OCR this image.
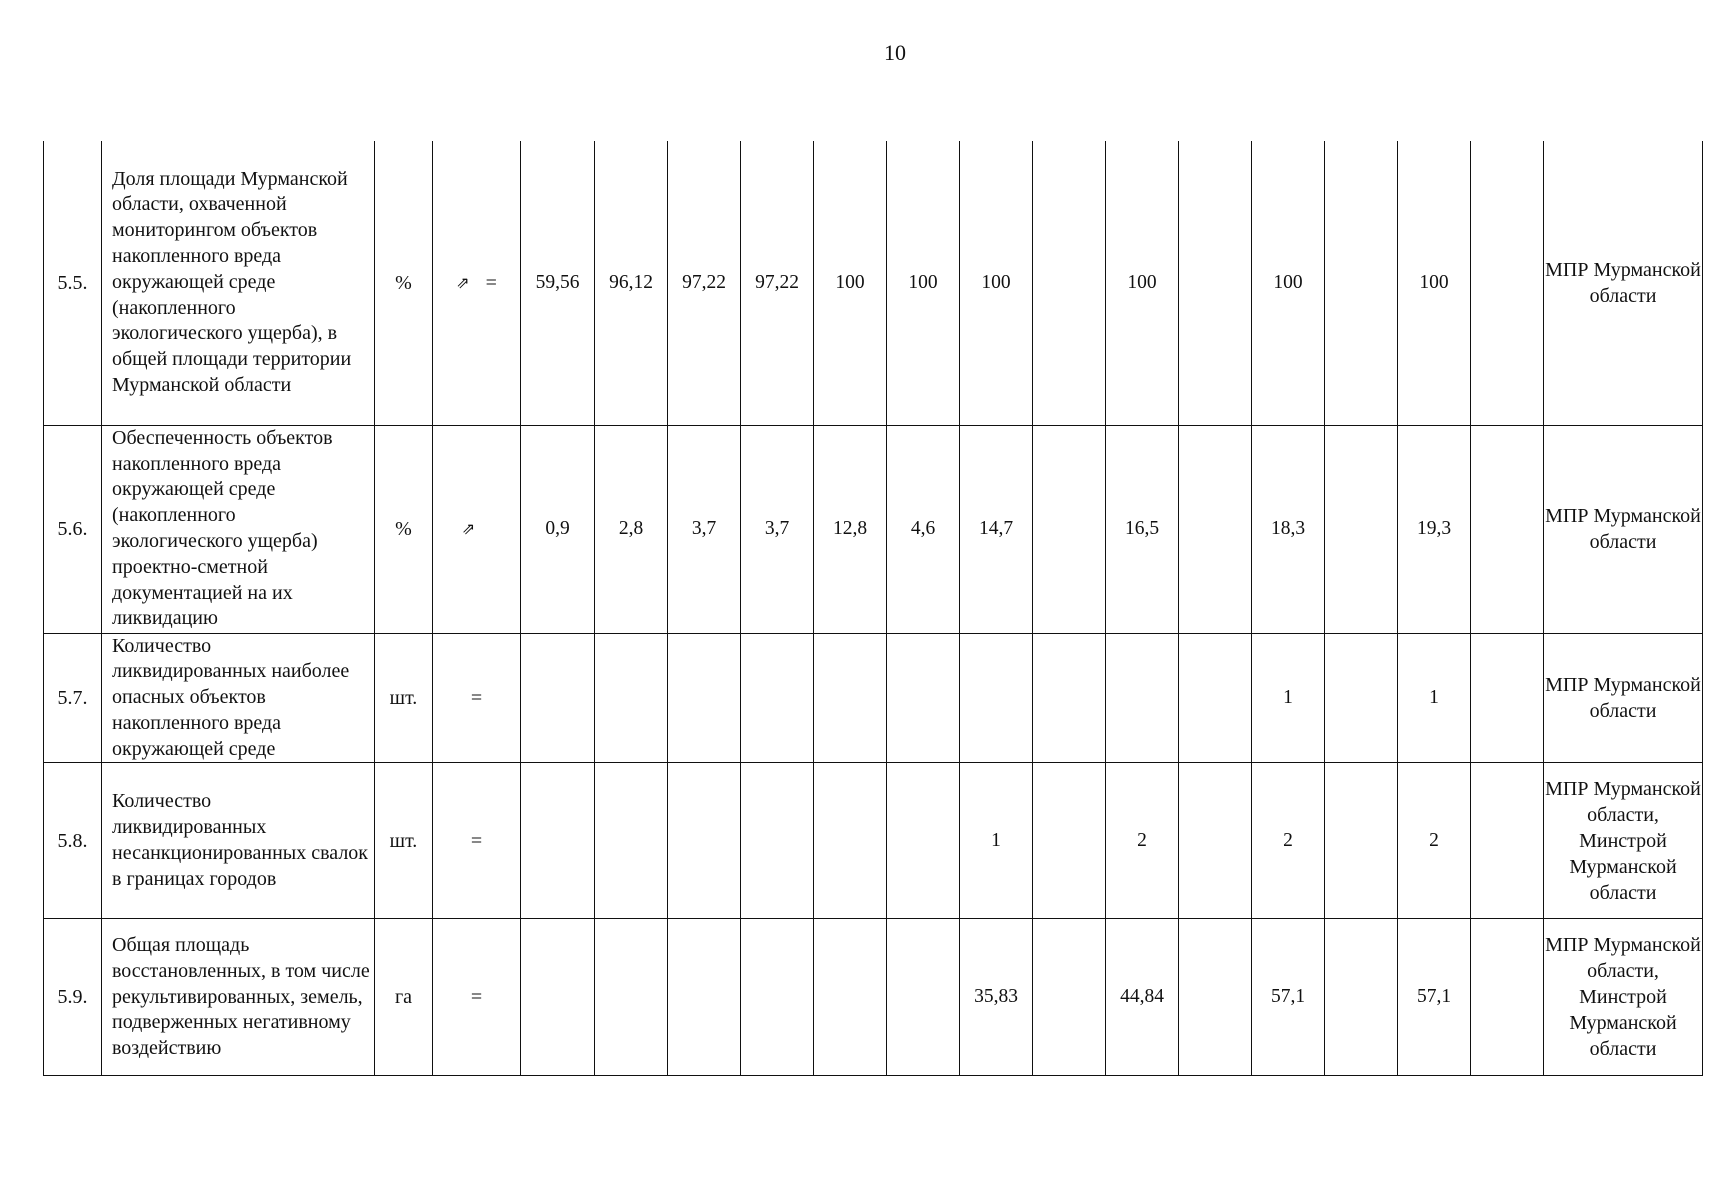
10
5.5.	Доля площади Мурманской области, охваченной мониторингом объектов накопленного вреда окружающей среде (накопленного экологического ущерба), в общей площади территории Мурманской области	%	⇗ =	59,56	96,12	97,22	97,22	100	100	100		100		100		100		МПР Мурманской области
5.6.	Обеспеченность объектов накопленного вреда окружающей среде (накопленного экологического ущерба) проектно-сметной документацией на их ликвидацию	%	⇗	0,9	2,8	3,7	3,7	12,8	4,6	14,7		16,5		18,3		19,3		МПР Мурманской области
5.7.	Количество ликвидированных наиболее опасных объектов накопленного вреда окружающей среде	шт.	=											1		1		МПР Мурманской области
5.8.	Количество ликвидированных несанкционированных свалок в границах городов	шт.	=							1		2		2		2		МПР Мурманской области, Минстрой Мурманской области
5.9.	Общая площадь восстановленных, в том числе рекультивированных, земель, подверженных негативному воздействию	га	=							35,83		44,84		57,1		57,1		МПР Мурманской области, Минстрой Мурманской области
